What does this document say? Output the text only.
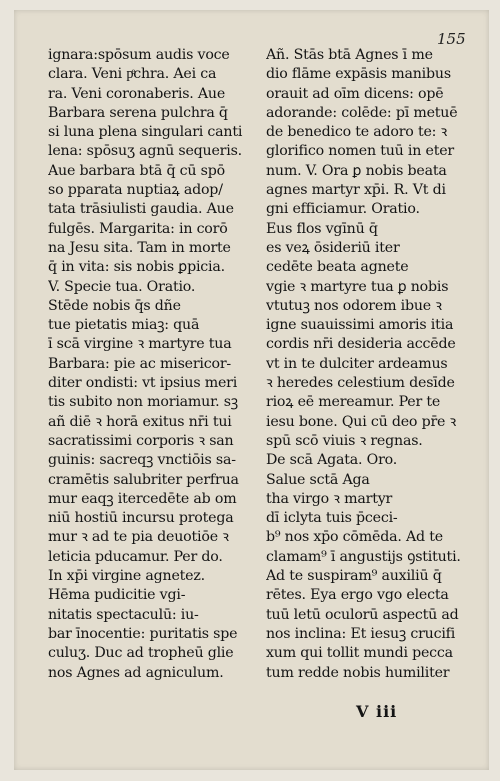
155
ignara:spōsum audis voce
clara. Veni pͤchra. Aei ca
ra. Veni coronaberis. Aue
Barbara serena pulchra q̄
si luna plena singulari canti
lena: spōsuʒ agnū sequeris.
Aue barbara btā q̄ cū spō
so pparata nuptiaꝝ adop/
tata trāsiulisti gaudia. Aue
fulgēs. Margarita: in corō
na Jesu sita. Tam in morte
q̄ in vita: sis nobis ꝑpicia.
V. Specie tua. Oratio.
Stēde nobis q̄s dñe
tue pietatis miaꝫ: quā
ī scā virgine ꝛ martyre tua
Barbara: pie ac misericor-
diter ondisti: vt ipsius meri
tis subito non moriamur. sꝫ
añ diē ꝛ horā exitus nr̄i tui
sacratissimi corporis ꝛ san
guinis: sacreqꝫ vnctiōis sa-
cramētis salubriter perfrua
mur eaqꝫ itercedēte ab om
niū hostiū incursu protega
mur ꝛ ad te pia deuotiōe ꝛ
leticia pducamur. Per do.
In xp̄i virgine agnetez.
Hēma pudicitie vgi-
nitatis spectaculū: iu-
bar īnocentie: puritatis spe
culuʒ. Duc ad tropheū glie
nos Agnes ad agniculum.
Añ. Stās btā Agnes ī me
dio flāme expāsis manibus
orauit ad oīm dicens: opē
adorande: colēde: pī metuē
de benedico te adoro te: ꝛ
glorifico nomen tuū in eter
num. V. Ora ꝑ nobis beata
agnes martyr xp̄i. R. Vt di
gni efficiamur. Oratio.
Eus flos vgīnū q̄
es veꝝ ōsideriū iter
cedēte beata agnete
vgie ꝛ martyre tua ꝑ nobis
vtutuꝫ nos odorem ibue ꝛ
igne suauissimi amoris itia
cordis nr̄i desideria accēde
vt in te dulciter ardeamus
ꝛ heredes celestium desīde
rioꝝ eē mereamur. Per te
iesu bone. Qui cū deo pr̄e ꝛ
spū scō viuis ꝛ regnas.
De scā Agata. Oro.
Salue sctā Aga
tha virgo ꝛ martyr
dī iclyta tuis p̄ceci-
b⁹ nos xp̄o cōmēda. Ad te
clamam⁹ ī angustijs ꝯstituti.
Ad te suspiram⁹ auxiliū q̄
rētes. Eya ergo vgo electa
tuū letū oculorū aspectū ad
nos inclina: Et iesuꝫ crucifi
xum qui tollit mundi pecca
tum redde nobis humiliter
V iii
